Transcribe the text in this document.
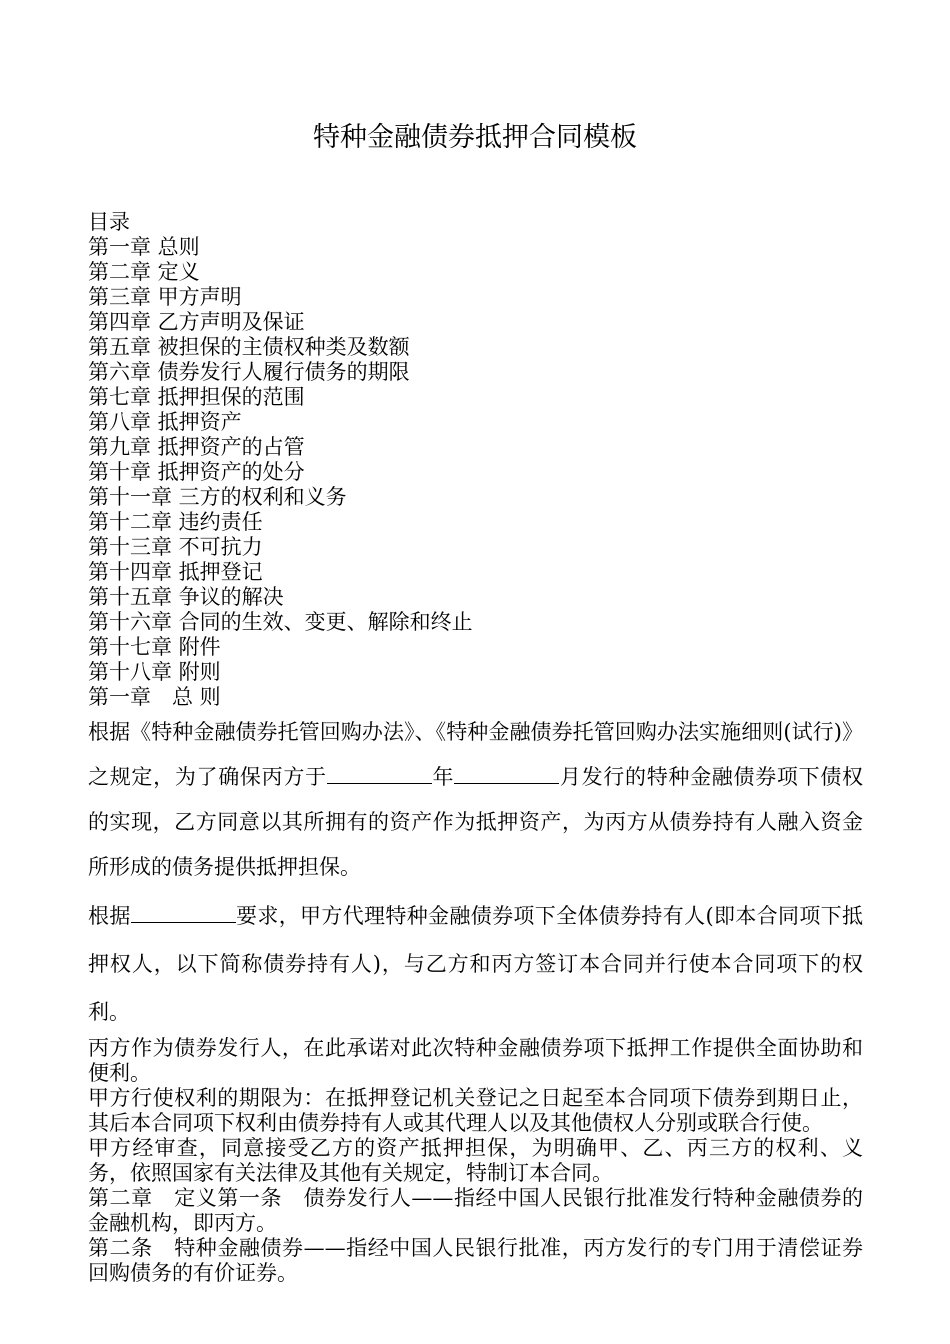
特种金融债券抵押合同模板
目录
第一章 总则
第二章 定义
第三章 甲方声明
第四章 乙方声明及保证
第五章 被担保的主债权种类及数额
第六章 债券发行人履行债务的期限
第七章 抵押担保的范围
第八章 抵押资产
第九章 抵押资产的占管
第十章 抵押资产的处分
第十一章 三方的权利和义务
第十二章 违约责任
第十三章 不可抗力
第十四章 抵押登记
第十五章 争议的解决
第十六章 合同的生效、变更、解除和终止
第十七章 附件
第十八章 附则
第一章　总 则
根据《特种金融债券托管回购办法》、《特种金融债券托管回购办法实施细则(试行)》之规定，为了确保丙方于	年	月发行的特种金融债券项下债权的实现，乙方同意以其所拥有的资产作为抵押资产，为丙方从债券持有人融入资金所形成的债务提供抵押担保。
根据	要求，甲方代理特种金融债券项下全体债券持有人(即本合同项下抵押权人，以下简称债券持有人)，与乙方和丙方签订本合同并行使本合同项下的权利。
丙方作为债券发行人，在此承诺对此次特种金融债券项下抵押工作提供全面协助和便利。
甲方行使权利的期限为：在抵押登记机关登记之日起至本合同项下债券到期日止，其后本合同项下权利由债券持有人或其代理人以及其他债权人分别或联合行使。
甲方经审查，同意接受乙方的资产抵押担保，为明确甲、乙、丙三方的权利、义务，依照国家有关法律及其他有关规定，特制订本合同。
第二章　定义第一条　债券发行人——指经中国人民银行批准发行特种金融债券的金融机构，即丙方。
第二条　特种金融债券——指经中国人民银行批准，丙方发行的专门用于清偿证券回购债务的有价证券。
